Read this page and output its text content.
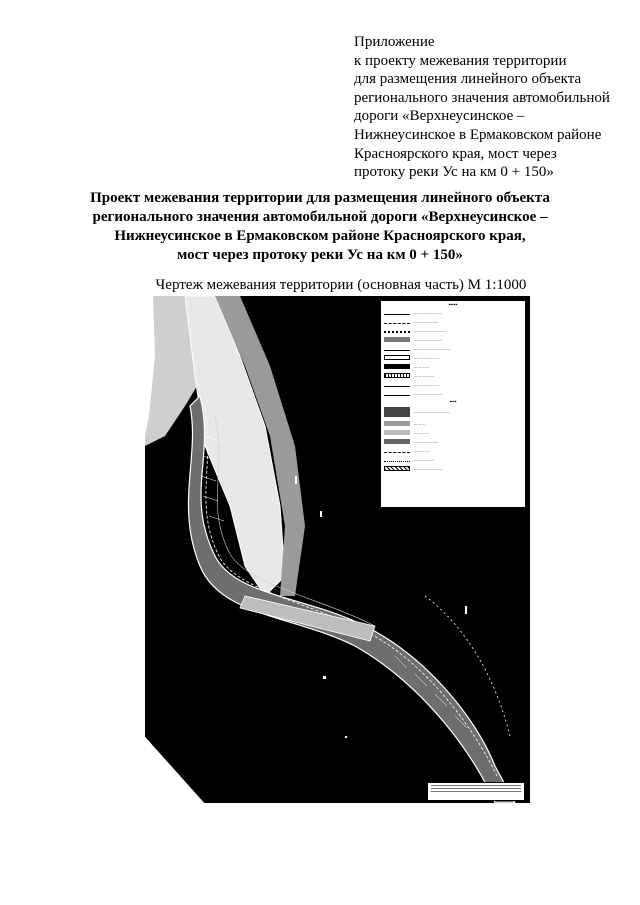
Приложение
к проекту межевания территории
для размещения линейного объекта
регионального значения автомобильной
дороги «Верхнеусинское –
Нижнеусинское в Ермаковском районе
Красноярского края, мост через
протоку реки Ус на км 0 + 150»
Проект межевания территории для размещения линейного объекта
регионального значения автомобильной дороги «Верхнеусинское –
Нижнеусинское в Ермаковском районе Красноярского края,
мост через протоку реки Ус на км 0 + 150»
Чертеж межевания территории (основная часть) М 1:1000
▪▪▪▪▪
— — — — — — —
— — — — — —
— — — — — — — —
— — — — — — —
— — — — — — — — —
— — — — — —
— — — —
— — — — —
— — — — — —
— — — — — — —
▪▪▪▪
— — — — — — — — —
— — —
— — — —
— — — — — —
— — — —
— — — — —
— — — — — — —
